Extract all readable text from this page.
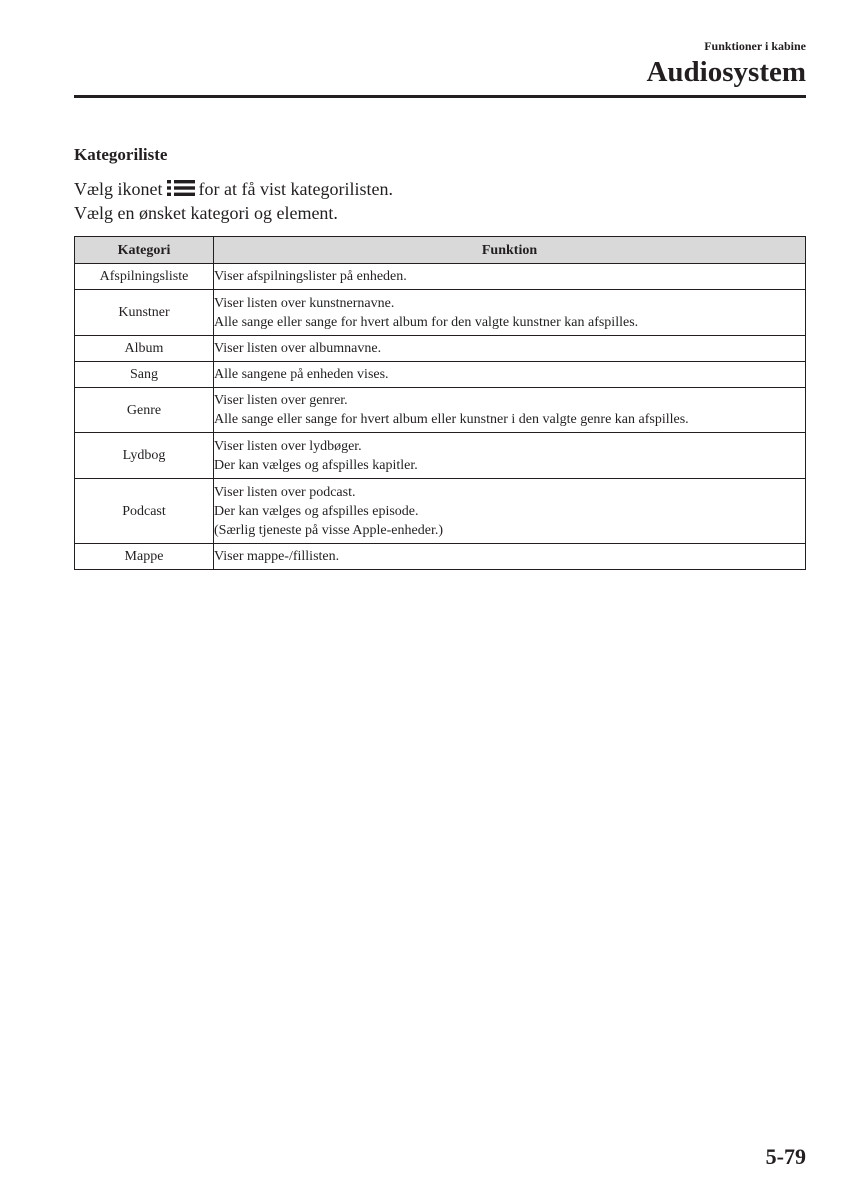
Funktioner i kabine
Audiosystem
Kategoriliste
Vælg ikonet for at få vist kategorilisten.
Vælg en ønsket kategori og element.
Kategori	Funktion
Afspilningsliste	Viser afspilningslister på enheden.

Kunstner	Viser listen over kunstnernavne.
Alle sange eller sange for hvert album for den valgte kunstner kan afspilles.

Album	Viser listen over albumnavne.

Sang	Alle sangene på enheden vises.

Genre	Viser listen over genrer.
Alle sange eller sange for hvert album eller kunstner i den valgte genre kan afspilles.

Lydbog	Viser listen over lydbøger.
Der kan vælges og afspilles kapitler.

Podcast	Viser listen over podcast.
Der kan vælges og afspilles episode.
(Særlig tjeneste på visse Apple-enheder.)

Mappe	Viser mappe-/fillisten.
5-79
